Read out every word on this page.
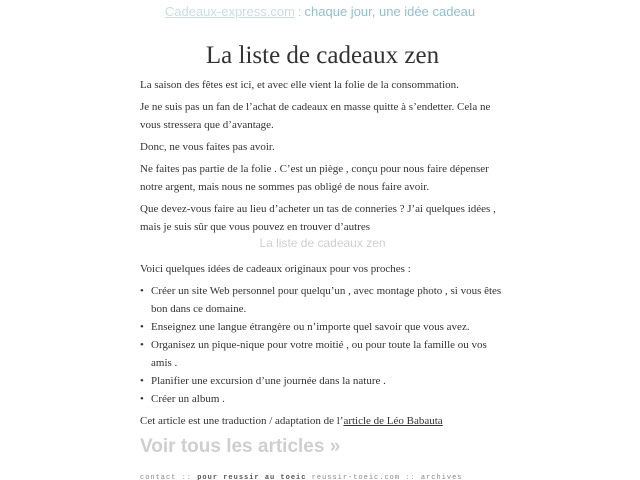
Cadeaux-express.com : chaque jour, une idée cadeau
La liste de cadeaux zen

La saison des fêtes est ici, et avec elle vient la folie de la consommation.

Je ne suis pas un fan de l’achat de cadeaux en masse quitte à s’endetter. Cela ne vous stressera que d’avantage.

Donc, ne vous faites pas avoir.

Ne faites pas partie de la folie . C’est un piège , conçu pour nous faire dépenser notre argent, mais nous ne sommes pas obligé de nous faire avoir.

Que devez-vous faire au lieu d’acheter un tas de conneries ? J’ai quelques idées , mais je suis sûr que vous pouvez en trouver d’autres

La liste de cadeaux zen

Voici quelques idées de cadeaux originaux pour vos proches :

• Créer un site Web personnel pour quelqu’un , avec montage photo , si vous êtes bon dans ce domaine.
• Enseignez une langue étrangère ou n’importe quel savoir que vous avez.
• Organisez un pique-nique pour votre moitié , ou pour toute la famille ou vos amis .
• Planifier une excursion d’une journée dans la nature .
• Créer un album .

Cet article est une traduction / adaptation de l’article de Léo Babauta

Voir tous les articles »
contact :: pour reussir au toeic reussir-toeic.com :: archives
